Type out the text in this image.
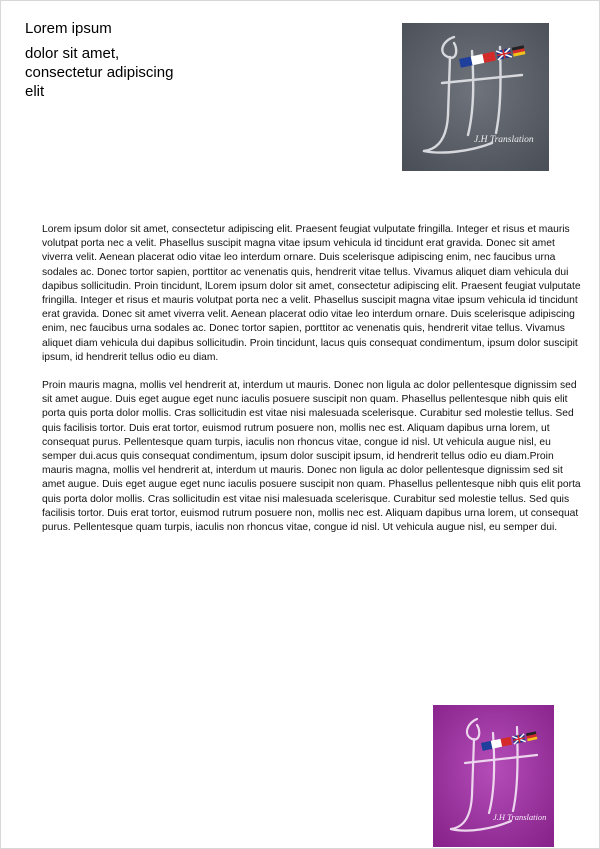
Lorem ipsum
dolor sit amet, consectetur adipiscing elit
J.H Translation

Lorem ipsum dolor sit amet, consectetur adipiscing elit. Praesent feugiat vulputate fringilla. Integer et risus et mauris volutpat porta nec a velit. Phasellus suscipit magna vitae ipsum vehicula id tincidunt erat gravida. Donec sit amet viverra velit. Aenean placerat odio vitae leo interdum ornare. Duis scelerisque adipiscing enim, nec faucibus urna sodales ac. Donec tortor sapien, porttitor ac venenatis quis, hendrerit vitae tellus. Vivamus aliquet diam vehicula dui dapibus sollicitudin. Proin tincidunt, lLorem ipsum dolor sit amet, consectetur adipiscing elit. Praesent feugiat vulputate fringilla. Integer et risus et mauris volutpat porta nec a velit. Phasellus suscipit magna vitae ipsum vehicula id tincidunt erat gravida. Donec sit amet viverra velit. Aenean placerat odio vitae leo interdum ornare. Duis scelerisque adipiscing enim, nec faucibus urna sodales ac. Donec tortor sapien, porttitor ac venenatis quis, hendrerit vitae tellus. Vivamus aliquet diam vehicula dui dapibus sollicitudin. Proin tincidunt, lacus quis consequat condimentum, ipsum dolor suscipit ipsum, id hendrerit tellus odio eu diam.

Proin mauris magna, mollis vel hendrerit at, interdum ut mauris. Donec non ligula ac dolor pellentesque dignissim sed sit amet augue. Duis eget augue eget nunc iaculis posuere suscipit non quam. Phasellus pellentesque nibh quis elit porta quis porta dolor mollis. Cras sollicitudin est vitae nisi malesuada scelerisque. Curabitur sed molestie tellus. Sed quis facilisis tortor. Duis erat tortor, euismod rutrum posuere non, mollis nec est. Aliquam dapibus urna lorem, ut consequat purus. Pellentesque quam turpis, iaculis non rhoncus vitae, congue id nisl. Ut vehicula augue nisl, eu semper dui.acus quis consequat condimentum, ipsum dolor suscipit ipsum, id hendrerit tellus odio eu diam.Proin mauris magna, mollis vel hendrerit at, interdum ut mauris. Donec non ligula ac dolor pellentesque dignissim sed sit amet augue. Duis eget augue eget nunc iaculis posuere suscipit non quam. Phasellus pellentesque nibh quis elit porta quis porta dolor mollis. Cras sollicitudin est vitae nisi malesuada scelerisque. Curabitur sed molestie tellus. Sed quis facilisis tortor. Duis erat tortor, euismod rutrum posuere non, mollis nec est. Aliquam dapibus urna lorem, ut consequat purus. Pellentesque quam turpis, iaculis non rhoncus vitae, congue id nisl. Ut vehicula augue nisl, eu semper dui.

J.H Translation
